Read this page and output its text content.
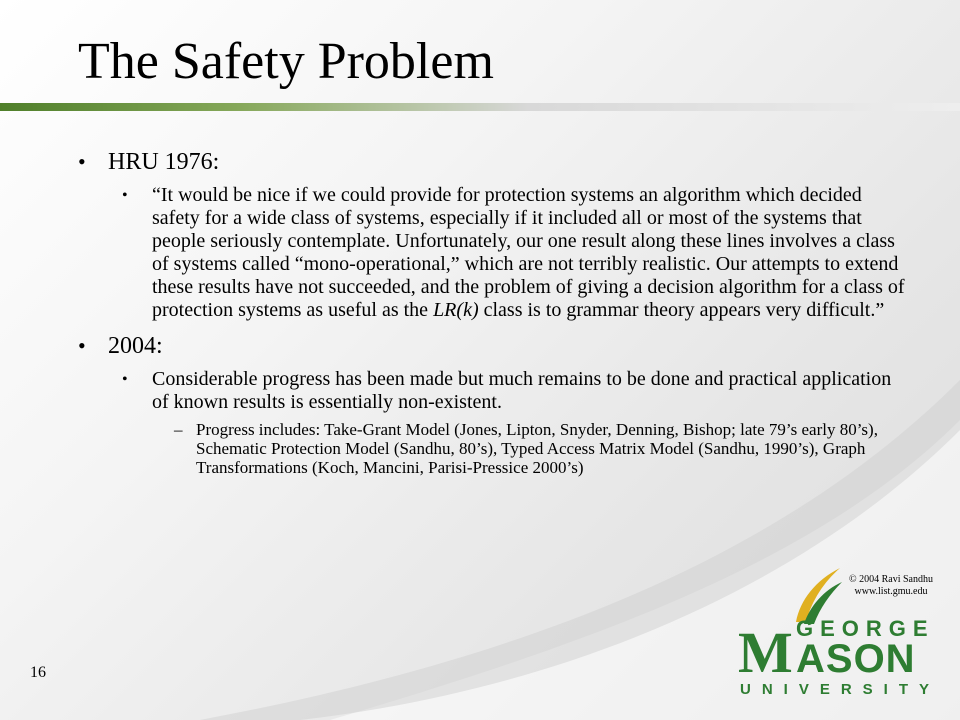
The Safety Problem
• HRU 1976:
• “It would be nice if we could provide for protection systems an algorithm which decided safety for a wide class of systems, especially if it included all or most of the systems that people seriously contemplate. Unfortunately, our one result along these lines involves a class of systems called “mono-operational,” which are not terribly realistic. Our attempts to extend these results have not succeeded, and the problem of giving a decision algorithm for a class of protection systems as useful as the LR(k) class is to grammar theory appears very difficult.”
• 2004:
• Considerable progress has been made but much remains to be done and practical application of known results is essentially non-existent.
– Progress includes: Take-Grant Model (Jones, Lipton, Snyder, Denning, Bishop; late 79’s early 80’s), Schematic Protection Model (Sandhu, 80’s), Typed Access Matrix Model (Sandhu, 1990’s), Graph Transformations (Koch, Mancini, Parisi-Pressice 2000’s)
© 2004 Ravi Sandhu
www.list.gmu.edu
M GEORGE
ASON
UNIVERSITY
16
